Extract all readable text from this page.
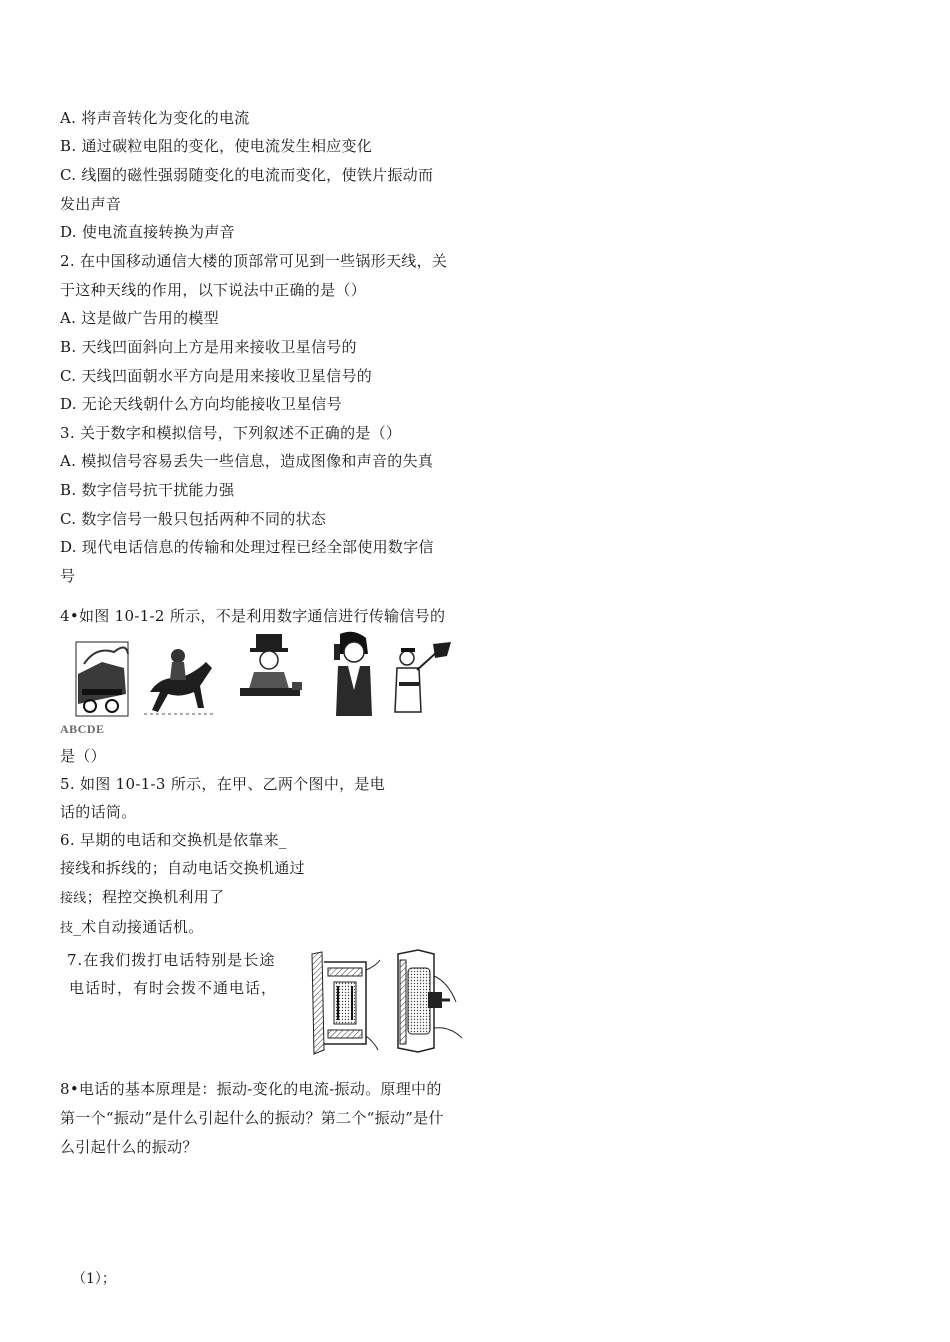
A. 将声音转化为变化的电流
B. 通过碳粒电阻的变化，使电流发生相应变化
C. 线圈的磁性强弱随变化的电流而变化，使铁片振动而
发出声音
D. 使电流直接转换为声音
2. 在中国移动通信大楼的顶部常可见到一些锅形天线，关
于这种天线的作用，以下说法中正确的是（）
A. 这是做广告用的模型
B. 天线凹面斜向上方是用来接收卫星信号的
C. 天线凹面朝水平方向是用来接收卫星信号的
D. 无论天线朝什么方向均能接收卫星信号
3. 关于数字和模拟信号，下列叙述不正确的是（）
A. 模拟信号容易丢失一些信息，造成图像和声音的失真
B. 数字信号抗干扰能力强
C. 数字信号一般只包括两种不同的状态
D. 现代电话信息的传输和处理过程已经全部使用数字信
号
4•如图 10-1-2 所示，不是利用数字通信进行传输信号的
ABCDE
是（）
5. 如图 10-1-3 所示，在甲、乙两个图中，是电
话的话筒。
6. 早期的电话和交换机是依靠来_
接线和拆线的；自动电话交换机通过
接线；程控交换机利用了
技_术自动接通话机。
7.在我们拨打电话特别是长途
电话时，有时会拨不通电话，
8•电话的基本原理是：振动-变化的电流-振动。原理中的
第一个“振动”是什么引起什么的振动？第二个“振动”是什
么引起什么的振动？
（1）；
